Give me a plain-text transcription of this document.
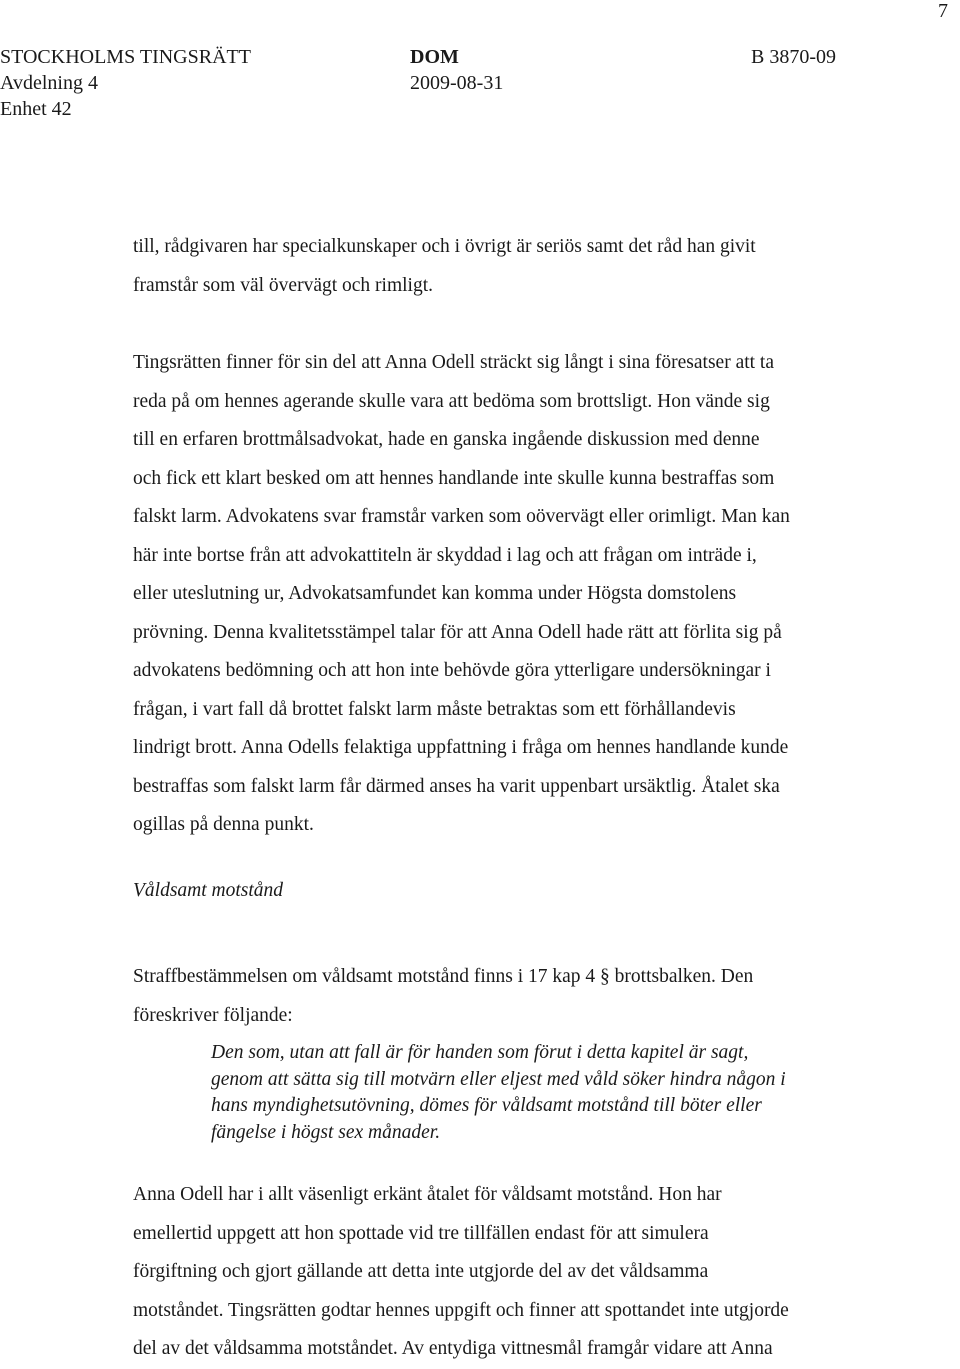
7
STOCKHOLMS TINGSRÄTT
Avdelning 4
Enhet 42
DOM
2009-08-31
B 3870-09

till, rådgivaren har specialkunskaper och i övrigt är seriös samt det råd han givit
framstår som väl övervägt och rimligt.

Tingsrätten finner för sin del att Anna Odell sträckt sig långt i sina föresatser att ta
reda på om hennes agerande skulle vara att bedöma som brottsligt. Hon vände sig
till en erfaren brottmålsadvokat, hade en ganska ingående diskussion med denne
och fick ett klart besked om att hennes handlande inte skulle kunna bestraffas som
falskt larm. Advokatens svar framstår varken som oövervägt eller orimligt. Man kan
här inte bortse från att advokattiteln är skyddad i lag och att frågan om inträde i,
eller uteslutning ur, Advokatsamfundet kan komma under Högsta domstolens
prövning. Denna kvalitetsstämpel talar för att Anna Odell hade rätt att förlita sig på
advokatens bedömning och att hon inte behövde göra ytterligare undersökningar i
frågan, i vart fall då brottet falskt larm måste betraktas som ett förhållandevis
lindrigt brott. Anna Odells felaktiga uppfattning i fråga om hennes handlande kunde
bestraffas som falskt larm får därmed anses ha varit uppenbart ursäktlig. Åtalet ska
ogillas på denna punkt.

Våldsamt motstånd

Straffbestämmelsen om våldsamt motstånd finns i 17 kap 4 § brottsbalken. Den
föreskriver följande:

Den som, utan att fall är för handen som förut i detta kapitel är sagt,
genom att sätta sig till motvärn eller eljest med våld söker hindra någon i
hans myndighetsutövning, dömes för våldsamt motstånd till böter eller
fängelse i högst sex månader.

Anna Odell har i allt väsenligt erkänt åtalet för våldsamt motstånd. Hon har
emellertid uppgett att hon spottade vid tre tillfällen endast för att simulera
förgiftning och gjort gällande att detta inte utgjorde del av det våldsamma
motståndet. Tingsrätten godtar hennes uppgift och finner att spottandet inte utgjorde
del av det våldsamma motståndet. Av entydiga vittnesmål framgår vidare att Anna
